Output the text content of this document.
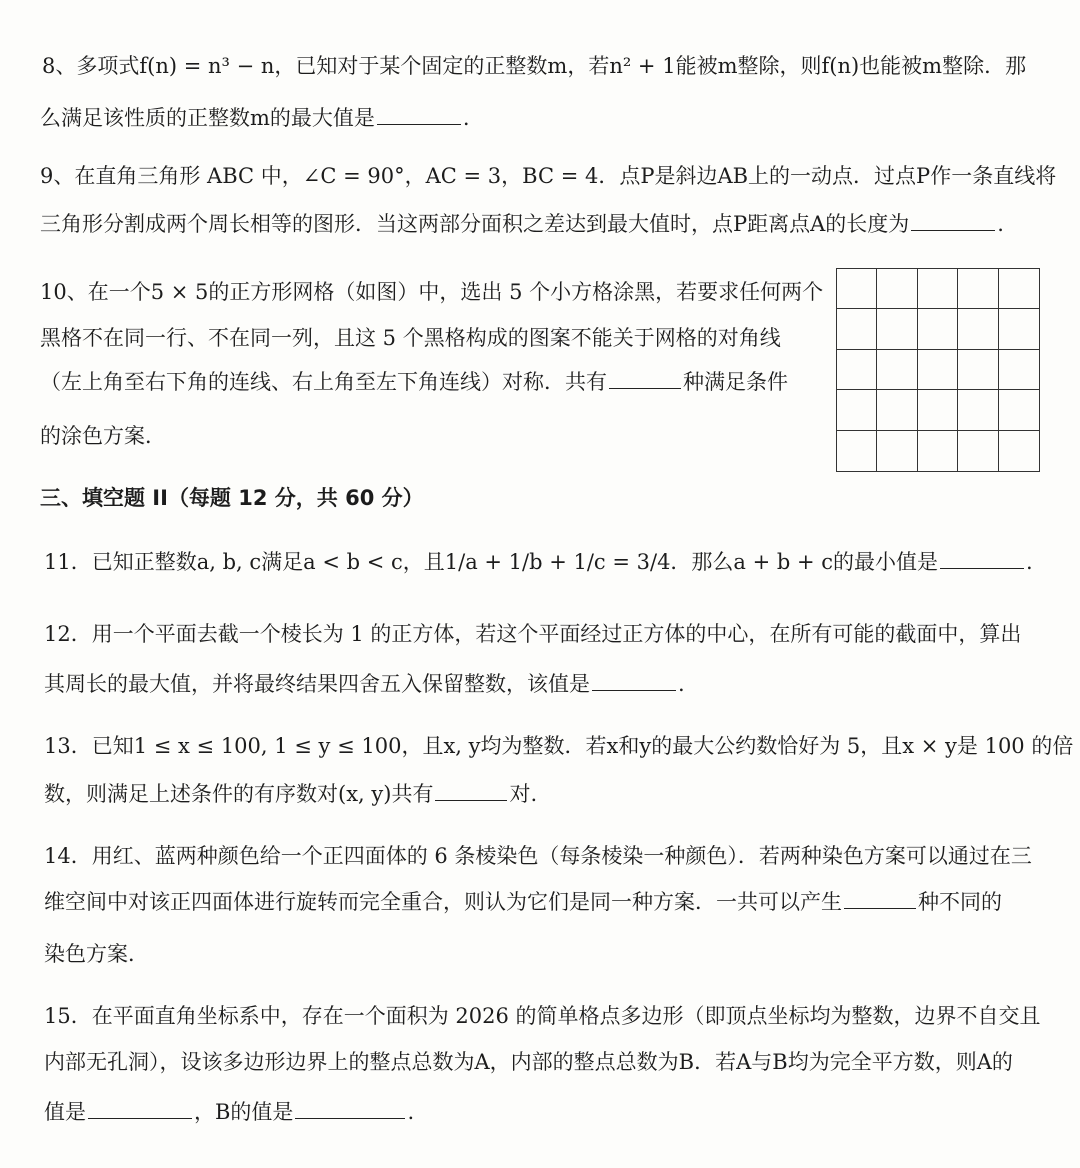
8、多项式f(n) = n³ − n，已知对于某个固定的正整数m，若n² + 1能被m整除，则f(n)也能被m整除．那
么满足该性质的正整数m的最大值是	.
9、在直角三角形 ABC 中，∠C = 90°，AC = 3，BC = 4．点P是斜边AB上的一动点．过点P作一条直线将
三角形分割成两个周长相等的图形．当这两部分面积之差达到最大值时，点P距离点A的长度为	.
10、在一个5 × 5的正方形网格（如图）中，选出 5 个小方格涂黑，若要求任何两个
黑格不在同一行、不在同一列，且这 5 个黑格构成的图案不能关于网格的对角线
（左上角至右下角的连线、右上角至左下角连线）对称．共有	种满足条件
的涂色方案．
三、填空题 II（每题 12 分，共 60 分）
11．已知正整数a, b, c满足a < b < c，且1/a + 1/b + 1/c = 3/4．那么a + b + c的最小值是	.
12．用一个平面去截一个棱长为 1 的正方体，若这个平面经过正方体的中心，在所有可能的截面中，算出
其周长的最大值，并将最终结果四舍五入保留整数，该值是	.
13．已知1 ≤ x ≤ 100, 1 ≤ y ≤ 100，且x, y均为整数．若x和y的最大公约数恰好为 5，且x × y是 100 的倍
数，则满足上述条件的有序数对(x, y)共有	对.
14．用红、蓝两种颜色给一个正四面体的 6 条棱染色（每条棱染一种颜色）．若两种染色方案可以通过在三
维空间中对该正四面体进行旋转而完全重合，则认为它们是同一种方案．一共可以产生	种不同的
染色方案．
15．在平面直角坐标系中，存在一个面积为 2026 的简单格点多边形（即顶点坐标均为整数，边界不自交且
内部无孔洞），设该多边形边界上的整点总数为A，内部的整点总数为B．若A与B均为完全平方数，则A的
值是	，B的值是	.
